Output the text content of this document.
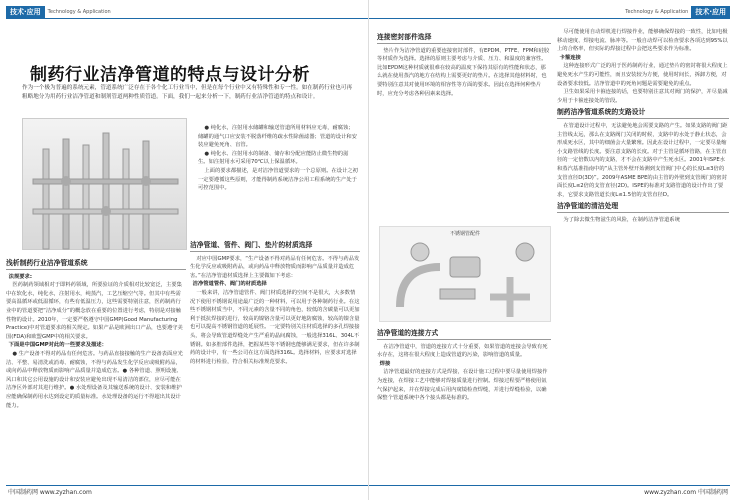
技术·应用	Technology & Application
制药行业洁净管道的特点与设计分析
作为一个极为普遍的系统元素，管道系统广泛存在于各个化工行业当中，但是在每个行业中又有特殊性和专一性。如在制药行业也可再粗略地分为用药行业洁净管道和制剂管道两种性质管道。下面，我们一起来分析一下，制药行业洁净管道的特点和设计。

● 纯化水，注射用水储罐和输送管道所用材料应无毒，耐腐蚀；储罐的通气口应安装不脱落纤维的疏水性除菌滤器；管道的设计和安装应避免死角、盲管。

● 纯化水、注射用水的制备、储存和分配应能防止微生物的滋生。如注射用水可采用70℃以上保温循环。

上面的要求都描述，是对洁净管道要求的一个总原则。在设计之初一定要遵循这些原则，才能得制药系统洁净公用工程系统的生产处于可控范围中。

浅析制药行业洁净管道系统

法规要求:

医药制药领域相对于即料药领域，所要验证的介质相对比较宽泛，主要集中在软化水，纯化水，注射用水，纯蒸汽，工艺压缩空气等。但其中有些需要高温循环或低温循环，有些有低温压力，这些需要特别注意，医药制药行业中的管道要把“洁净成分”的概念放在重要的位置进行考虑，特别是对接触性物的设计。2010年，一定要严格遵守中国GMP(Good Manufacturing Practice)中对管道要求的相关规定。如果产品是欧洲出口产品，也要遵守美国(FDA)和欧盟GMP中的相关要求。

下面是中国GMP对此的一些要求及描述：

● 生产设备不得对药品有任何危害。与药品直接接触的生产设备表面应光洁、平整、易清洗或消毒、耐腐蚀，不得与药品发生化学反应或吸附药品，或向药品中释放物质而影响产品质量并造成危害。● 各种管道、照明设施、风口和其它公用设施的设计和安装应避免出现不易清洁的部位，应尽可能在洁净区外部对其进行维护。● 水处理设备及其输送系统的设计、安装和维护应能确保制药用水达到设定的质量标准。水处理设备的运行不得超出其设计能力。

洁净管道、管件、阀门、垫片的材质选择

对应中国GMP要求，“生产设备不得对药品有任何危害。不得与药品发生化学反应或吸附药品，或向药品中释放物质而影响产品质量并造成危害。”在洁净管道材质选择上主要做如下考虑：

洁净管道管件、阀门的材质选择

一般来讲，洁净管道管件、阀门材质选择的空间不是很大，大多数情况下使用不锈钢说用途最广泛的一种材料，可以用于各种制药行业。在这些不锈钢材质当中，不同元素的含量不同的角色，较低的含碳量可以更加利于抵抗焊接的进行，较高的镍铬含量可以更好地防腐蚀，较高的镍含量也可以提高不锈钢管道的延展性。一定要特别关注材质选择的多孔焊接接头，将会导致管道焊缝处产生严重的晶间腐蚀，一般选择316L、304L不锈钢。如多腔部件选择，把握某些等不锈钢也能够满足要求，但在许多制药的设计中，有一些公司在这方面选择316L。选择材料，应要求对选择的材料进行检验，符合相关标准规范要求。

中国制药网 www.zyzhan.com
Technology & Application	技术·应用
连接密封部件选择

垫片作为洁净管道的重要连接密封部件，有EPDM、PTFE、FPM和硅胶等材质作为选择。选择的原则主要考虑与介质、压力、和温度的兼容性。比如EPDM这种材质就很难在较高的温度下保持其原有的性能和状态，那么就在使用蒸汽的地方在结构上需要更好的垫片。在选择其他材料时，也要特别注意其对使用环境的相容性等方面的要求。因此在选择何种垫片时，应充分考虑各种因素来选择。

不锈钢管配件
洁净管道的连接方式

在洁净管道中，管道的连接方式十分重要，如果管道的连接会导致有死水存在，这将在很大程度上造成管道的污染，影响管道的质量。

焊接

洁净管道最好的连接方式是焊接，在设计施工过程中要尽量使用焊接作为连接，在焊接工艺中能够对焊接质量进行控制。焊接过程要严格使用氩气保护起来，并在焊接完成后用内窥镜检查焊缝，并进行焊缝检验，以确保整个管道系统中各个接头都是标准的。

尽可能使用自动焊机进行焊接作业，能够确保焊接的一致性，比如电极移动速度、焊接电流、脉冲等。一般自动焊可以检查要求各项达到95%以上的合格率，但实际的焊接过程中会把这些要求作为标准。

卡箍连接

这种连接形式广泛的用于医药制药行业，通过垫片的密封将很大程度上避免死水产生的可能性，而且安装较为方便，使用时间长，拆卸方便，对设备要求较低。洁净管道中的死角问题是需要避免的重点。

卫生如果采用卡箍连接的话，也要特别注意其对阀门的保护，并尽量减少用于卡箍连接处的管段。

制药洁净管道系统的支路设计

在管道设计过程中，无法避免地会需要支路的产生。如果支路的阀门距主管线太远，那么在支路阀门关闭的时候，支路中的水处于静止状态，会形成死水区，其中的细菌会大量繁殖。因此在设计过程中，一定要尽量缩小支路管线的长度。要注意支路的长度。对于主管是循环管路，在主管直径的一定倍数以内的支路，才不会在支路中产生死水区。2001年ISPE水和蒸汽基准指南中的“从主管外壁开始测到支管阀门中心的长度L≤3倍的支管直径D(3D)”。2009年ASME BPE的由主管的外壁到支管阀门的密封面长度L≤2倍的支管直径(2D)。ISPE的标准对支路管道的设计作出了要求，它要求支路管道长度L≤1.5倍的支管直径D。

洁净管道的清洁处理

为了除去微生物滋生的风险，在制药洁净管道系统

www.zyzhan.com 中国制药网
